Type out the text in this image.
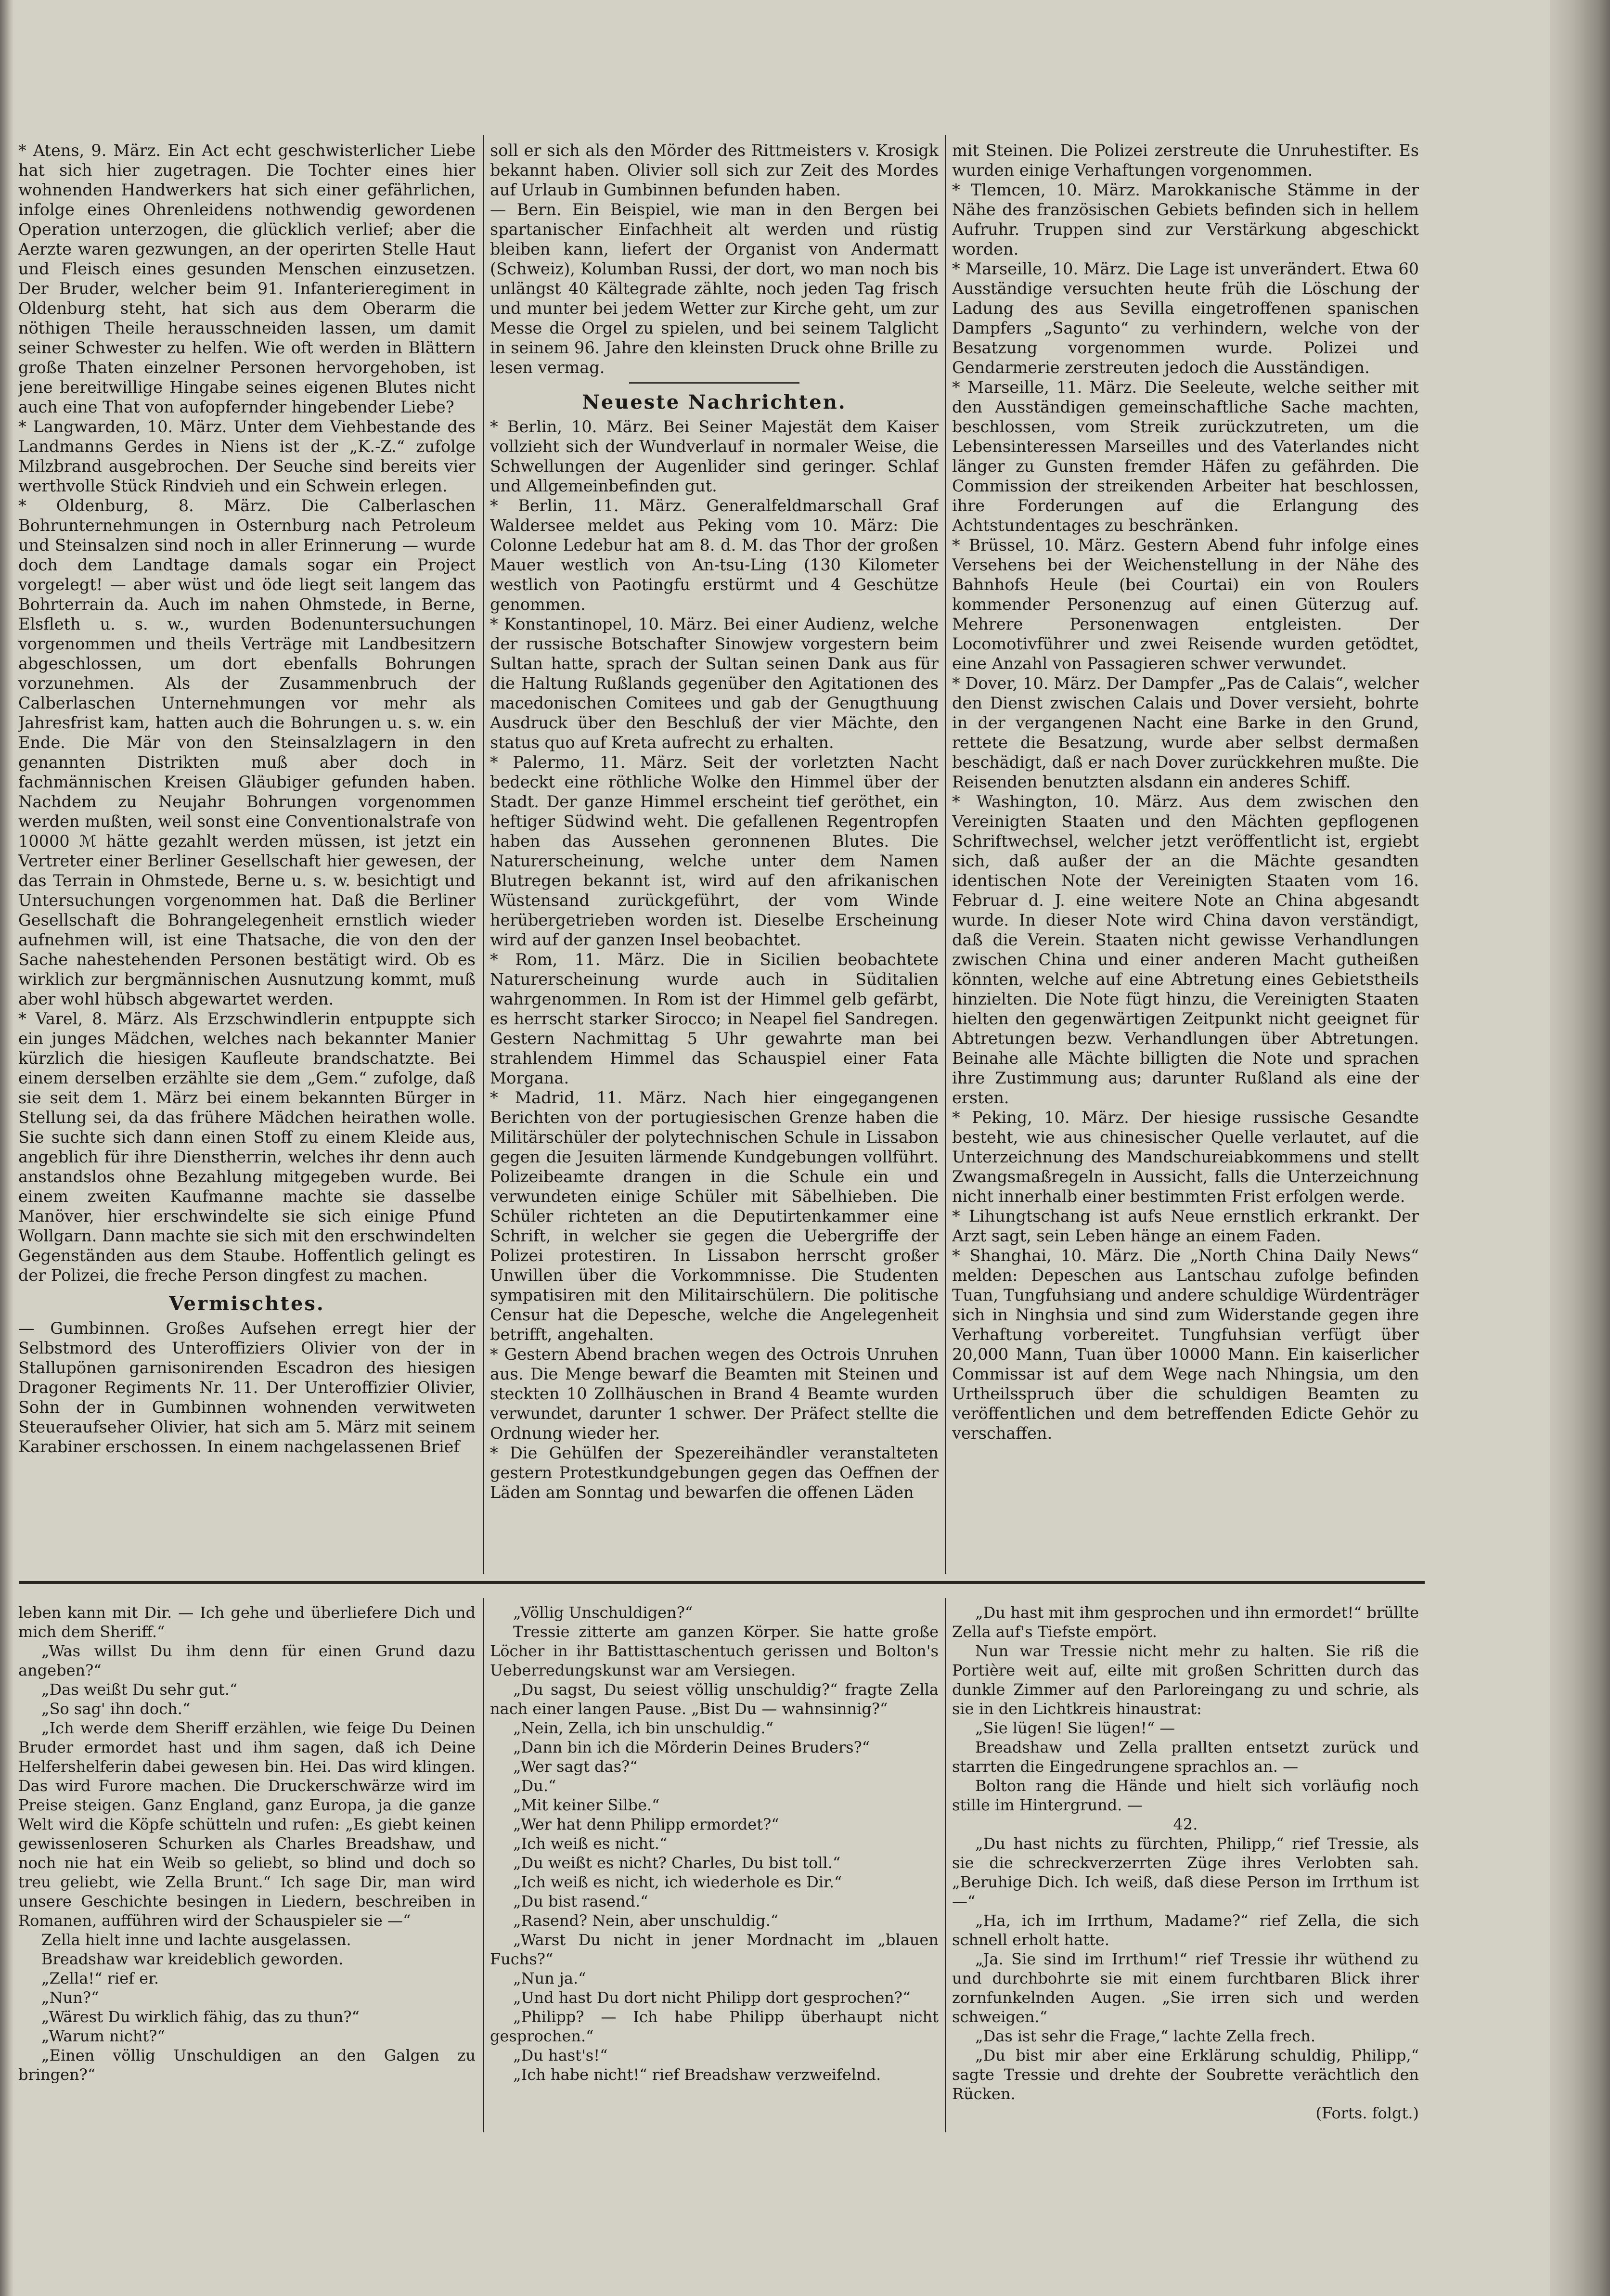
* Atens, 9. März. Ein Act echt geschwisterlicher Liebe hat sich hier zugetragen. Die Tochter eines hier wohnenden Handwerkers hat sich einer gefährlichen, infolge eines Ohrenleidens nothwendig gewordenen Operation unterzogen, die glücklich verlief; aber die Aerzte waren gezwungen, an der operirten Stelle Haut und Fleisch eines gesunden Menschen einzusetzen. Der Bruder, welcher beim 91. Infanterieregiment in Oldenburg steht, hat sich aus dem Oberarm die nöthigen Theile herausschneiden lassen, um damit seiner Schwester zu helfen. Wie oft werden in Blättern große Thaten einzelner Personen hervorgehoben, ist jene bereitwillige Hingabe seines eigenen Blutes nicht auch eine That von aufopfernder hingebender Liebe?

* Langwarden, 10. März. Unter dem Viehbestande des Landmanns Gerdes in Niens ist der „K.-Z.“ zufolge Milzbrand ausgebrochen. Der Seuche sind bereits vier werthvolle Stück Rindvieh und ein Schwein erlegen.

* Oldenburg, 8. März. Die Calberlaschen Bohrunternehmungen in Osternburg nach Petroleum und Steinsalzen sind noch in aller Erinnerung — wurde doch dem Landtage damals sogar ein Project vorgelegt! — aber wüst und öde liegt seit langem das Bohrterrain da. Auch im nahen Ohmstede, in Berne, Elsfleth u. s. w., wurden Bodenuntersuchungen vorgenommen und theils Verträge mit Landbesitzern abgeschlossen, um dort ebenfalls Bohrungen vorzunehmen. Als der Zusammenbruch der Calberlaschen Unternehmungen vor mehr als Jahresfrist kam, hatten auch die Bohrungen u. s. w. ein Ende. Die Mär von den Steinsalzlagern in den genannten Distrikten muß aber doch in fachmännischen Kreisen Gläubiger gefunden haben. Nachdem zu Neujahr Bohrungen vorgenommen werden mußten, weil sonst eine Conventionalstrafe von 10000 ℳ hätte gezahlt werden müssen, ist jetzt ein Vertreter einer Berliner Gesellschaft hier gewesen, der das Terrain in Ohmstede, Berne u. s. w. besichtigt und Untersuchungen vorgenommen hat. Daß die Berliner Gesellschaft die Bohrangelegenheit ernstlich wieder aufnehmen will, ist eine Thatsache, die von den der Sache nahestehenden Personen bestätigt wird. Ob es wirklich zur bergmännischen Ausnutzung kommt, muß aber wohl hübsch abgewartet werden.

* Varel, 8. März. Als Erzschwindlerin entpuppte sich ein junges Mädchen, welches nach bekannter Manier kürzlich die hiesigen Kaufleute brandschatzte. Bei einem derselben erzählte sie dem „Gem.“ zufolge, daß sie seit dem 1. März bei einem bekannten Bürger in Stellung sei, da das frühere Mädchen heirathen wolle. Sie suchte sich dann einen Stoff zu einem Kleide aus, angeblich für ihre Dienstherrin, welches ihr denn auch anstandslos ohne Bezahlung mitgegeben wurde. Bei einem zweiten Kaufmanne machte sie dasselbe Manöver, hier erschwindelte sie sich einige Pfund Wollgarn. Dann machte sie sich mit den erschwindelten Gegenständen aus dem Staube. Hoffentlich gelingt es der Polizei, die freche Person dingfest zu machen.

Vermischtes.

— Gumbinnen. Großes Aufsehen erregt hier der Selbstmord des Unteroffiziers Olivier von der in Stallupönen garnisonirenden Escadron des hiesigen Dragoner Regiments Nr. 11. Der Unteroffizier Olivier, Sohn der in Gumbinnen wohnenden verwitweten Steueraufseher Olivier, hat sich am 5. März mit seinem Karabiner erschossen. In einem nachgelassenen Brief

soll er sich als den Mörder des Rittmeisters v. Krosigk bekannt haben. Olivier soll sich zur Zeit des Mordes auf Urlaub in Gumbinnen befunden haben.

— Bern. Ein Beispiel, wie man in den Bergen bei spartanischer Einfachheit alt werden und rüstig bleiben kann, liefert der Organist von Andermatt (Schweiz), Kolumban Russi, der dort, wo man noch bis unlängst 40 Kältegrade zählte, noch jeden Tag frisch und munter bei jedem Wetter zur Kirche geht, um zur Messe die Orgel zu spielen, und bei seinem Talglicht in seinem 96. Jahre den kleinsten Druck ohne Brille zu lesen vermag.

Neueste Nachrichten.

* Berlin, 10. März. Bei Seiner Majestät dem Kaiser vollzieht sich der Wundverlauf in normaler Weise, die Schwellungen der Augenlider sind geringer. Schlaf und Allgemeinbefinden gut.

* Berlin, 11. März. Generalfeldmarschall Graf Waldersee meldet aus Peking vom 10. März: Die Colonne Ledebur hat am 8. d. M. das Thor der großen Mauer westlich von An-tsu-Ling (130 Kilometer westlich von Paotingfu erstürmt und 4 Geschütze genommen.

* Konstantinopel, 10. März. Bei einer Audienz, welche der russische Botschafter Sinowjew vorgestern beim Sultan hatte, sprach der Sultan seinen Dank aus für die Haltung Rußlands gegenüber den Agitationen des macedonischen Comitees und gab der Genugthuung Ausdruck über den Beschluß der vier Mächte, den status quo auf Kreta aufrecht zu erhalten.

* Palermo, 11. März. Seit der vorletzten Nacht bedeckt eine röthliche Wolke den Himmel über der Stadt. Der ganze Himmel erscheint tief geröthet, ein heftiger Südwind weht. Die gefallenen Regentropfen haben das Aussehen geronnenen Blutes. Die Naturerscheinung, welche unter dem Namen Blutregen bekannt ist, wird auf den afrikanischen Wüstensand zurückgeführt, der vom Winde herübergetrieben worden ist. Dieselbe Erscheinung wird auf der ganzen Insel beobachtet.

* Rom, 11. März. Die in Sicilien beobachtete Naturerscheinung wurde auch in Süditalien wahrgenommen. In Rom ist der Himmel gelb gefärbt, es herrscht starker Sirocco; in Neapel fiel Sandregen. Gestern Nachmittag 5 Uhr gewahrte man bei strahlendem Himmel das Schauspiel einer Fata Morgana.

* Madrid, 11. März. Nach hier eingegangenen Berichten von der portugiesischen Grenze haben die Militärschüler der polytechnischen Schule in Lissabon gegen die Jesuiten lärmende Kundgebungen vollführt. Polizeibeamte drangen in die Schule ein und verwundeten einige Schüler mit Säbelhieben. Die Schüler richteten an die Deputirtenkammer eine Schrift, in welcher sie gegen die Uebergriffe der Polizei protestiren. In Lissabon herrscht großer Unwillen über die Vorkommnisse. Die Studenten sympatisiren mit den Militairschülern. Die politische Censur hat die Depesche, welche die Angelegenheit betrifft, angehalten.

* Gestern Abend brachen wegen des Octrois Unruhen aus. Die Menge bewarf die Beamten mit Steinen und steckten 10 Zollhäuschen in Brand 4 Beamte wurden verwundet, darunter 1 schwer. Der Präfect stellte die Ordnung wieder her.

* Die Gehülfen der Spezereihändler veranstalteten gestern Protestkundgebungen gegen das Oeffnen der Läden am Sonntag und bewarfen die offenen Läden

mit Steinen. Die Polizei zerstreute die Unruhestifter. Es wurden einige Verhaftungen vorgenommen.

* Tlemcen, 10. März. Marokkanische Stämme in der Nähe des französischen Gebiets befinden sich in hellem Aufruhr. Truppen sind zur Verstärkung abgeschickt worden.

* Marseille, 10. März. Die Lage ist unverändert. Etwa 60 Ausständige versuchten heute früh die Löschung der Ladung des aus Sevilla eingetroffenen spanischen Dampfers „Sagunto“ zu verhindern, welche von der Besatzung vorgenommen wurde. Polizei und Gendarmerie zerstreuten jedoch die Ausständigen.

* Marseille, 11. März. Die Seeleute, welche seither mit den Ausständigen gemeinschaftliche Sache machten, beschlossen, vom Streik zurückzutreten, um die Lebensinteressen Marseilles und des Vaterlandes nicht länger zu Gunsten fremder Häfen zu gefährden. Die Commission der streikenden Arbeiter hat beschlossen, ihre Forderungen auf die Erlangung des Achtstundentages zu beschränken.

* Brüssel, 10. März. Gestern Abend fuhr infolge eines Versehens bei der Weichenstellung in der Nähe des Bahnhofs Heule (bei Courtai) ein von Roulers kommender Personenzug auf einen Güterzug auf. Mehrere Personenwagen entgleisten. Der Locomotivführer und zwei Reisende wurden getödtet, eine Anzahl von Passagieren schwer verwundet.

* Dover, 10. März. Der Dampfer „Pas de Calais“, welcher den Dienst zwischen Calais und Dover versieht, bohrte in der vergangenen Nacht eine Barke in den Grund, rettete die Besatzung, wurde aber selbst dermaßen beschädigt, daß er nach Dover zurückkehren mußte. Die Reisenden benutzten alsdann ein anderes Schiff.

* Washington, 10. März. Aus dem zwischen den Vereinigten Staaten und den Mächten gepflogenen Schriftwechsel, welcher jetzt veröffentlicht ist, ergiebt sich, daß außer der an die Mächte gesandten identischen Note der Vereinigten Staaten vom 16. Februar d. J. eine weitere Note an China abgesandt wurde. In dieser Note wird China davon verständigt, daß die Verein. Staaten nicht gewisse Verhandlungen zwischen China und einer anderen Macht gutheißen könnten, welche auf eine Abtretung eines Gebietstheils hinzielten. Die Note fügt hinzu, die Vereinigten Staaten hielten den gegenwärtigen Zeitpunkt nicht geeignet für Abtretungen bezw. Verhandlungen über Abtretungen. Beinahe alle Mächte billigten die Note und sprachen ihre Zustimmung aus; darunter Rußland als eine der ersten.

* Peking, 10. März. Der hiesige russische Gesandte besteht, wie aus chinesischer Quelle verlautet, auf die Unterzeichnung des Mandschureiabkommens und stellt Zwangsmaßregeln in Aussicht, falls die Unterzeichnung nicht innerhalb einer bestimmten Frist erfolgen werde.

* Lihungtschang ist aufs Neue ernstlich erkrankt. Der Arzt sagt, sein Leben hänge an einem Faden.

* Shanghai, 10. März. Die „North China Daily News“ melden: Depeschen aus Lantschau zufolge befinden Tuan, Tungfuhsiang und andere schuldige Würdenträger sich in Ninghsia und sind zum Widerstande gegen ihre Verhaftung vorbereitet. Tungfuhsian verfügt über 20,000 Mann, Tuan über 10000 Mann. Ein kaiserlicher Commissar ist auf dem Wege nach Nhingsia, um den Urtheilsspruch über die schuldigen Beamten zu veröffentlichen und dem betreffenden Edicte Gehör zu verschaffen.

leben kann mit Dir. — Ich gehe und überliefere Dich und mich dem Sheriff.“

„Was willst Du ihm denn für einen Grund dazu angeben?“

„Das weißt Du sehr gut.“

„So sag' ihn doch.“

„Ich werde dem Sheriff erzählen, wie feige Du Deinen Bruder ermordet hast und ihm sagen, daß ich Deine Helfershelferin dabei gewesen bin. Hei. Das wird klingen. Das wird Furore machen. Die Druckerschwärze wird im Preise steigen. Ganz England, ganz Europa, ja die ganze Welt wird die Köpfe schütteln und rufen: „Es giebt keinen gewissenloseren Schurken als Charles Breadshaw, und noch nie hat ein Weib so geliebt, so blind und doch so treu geliebt, wie Zella Brunt.“ Ich sage Dir, man wird unsere Geschichte besingen in Liedern, beschreiben in Romanen, aufführen wird der Schauspieler sie —“

Zella hielt inne und lachte ausgelassen.

Breadshaw war kreideblich geworden.

„Zella!“ rief er.

„Nun?“

„Wärest Du wirklich fähig, das zu thun?“

„Warum nicht?“

„Einen völlig Unschuldigen an den Galgen zu bringen?“

„Völlig Unschuldigen?“

Tressie zitterte am ganzen Körper. Sie hatte große Löcher in ihr Battisttaschentuch gerissen und Bolton's Ueberredungskunst war am Versiegen.

„Du sagst, Du seiest völlig unschuldig?“ fragte Zella nach einer langen Pause. „Bist Du — wahnsinnig?“

„Nein, Zella, ich bin unschuldig.“

„Dann bin ich die Mörderin Deines Bruders?“

„Wer sagt das?“

„Du.“

„Mit keiner Silbe.“

„Wer hat denn Philipp ermordet?“

„Ich weiß es nicht.“

„Du weißt es nicht? Charles, Du bist toll.“

„Ich weiß es nicht, ich wiederhole es Dir.“

„Du bist rasend.“

„Rasend? Nein, aber unschuldig.“

„Warst Du nicht in jener Mordnacht im „blauen Fuchs?“

„Nun ja.“

„Und hast Du dort nicht Philipp dort gesprochen?“

„Philipp? — Ich habe Philipp überhaupt nicht gesprochen.“

„Du hast's!“

„Ich habe nicht!“ rief Breadshaw verzweifelnd.

„Du hast mit ihm gesprochen und ihn ermordet!“ brüllte Zella auf's Tiefste empört.

Nun war Tressie nicht mehr zu halten. Sie riß die Portière weit auf, eilte mit großen Schritten durch das dunkle Zimmer auf den Parloreingang zu und schrie, als sie in den Lichtkreis hinaustrat:

„Sie lügen! Sie lügen!“ —

Breadshaw und Zella prallten entsetzt zurück und starrten die Eingedrungene sprachlos an. —

Bolton rang die Hände und hielt sich vorläufig noch stille im Hintergrund. —

42.

„Du hast nichts zu fürchten, Philipp,“ rief Tressie, als sie die schreckverzerrten Züge ihres Verlobten sah. „Beruhige Dich. Ich weiß, daß diese Person im Irrthum ist —“

„Ha, ich im Irrthum, Madame?“ rief Zella, die sich schnell erholt hatte.

„Ja. Sie sind im Irrthum!“ rief Tressie ihr wüthend zu und durchbohrte sie mit einem furchtbaren Blick ihrer zornfunkelnden Augen. „Sie irren sich und werden schweigen.“

„Das ist sehr die Frage,“ lachte Zella frech.

„Du bist mir aber eine Erklärung schuldig, Philipp,“ sagte Tressie und drehte der Soubrette verächtlich den Rücken.

(Forts. folgt.)
